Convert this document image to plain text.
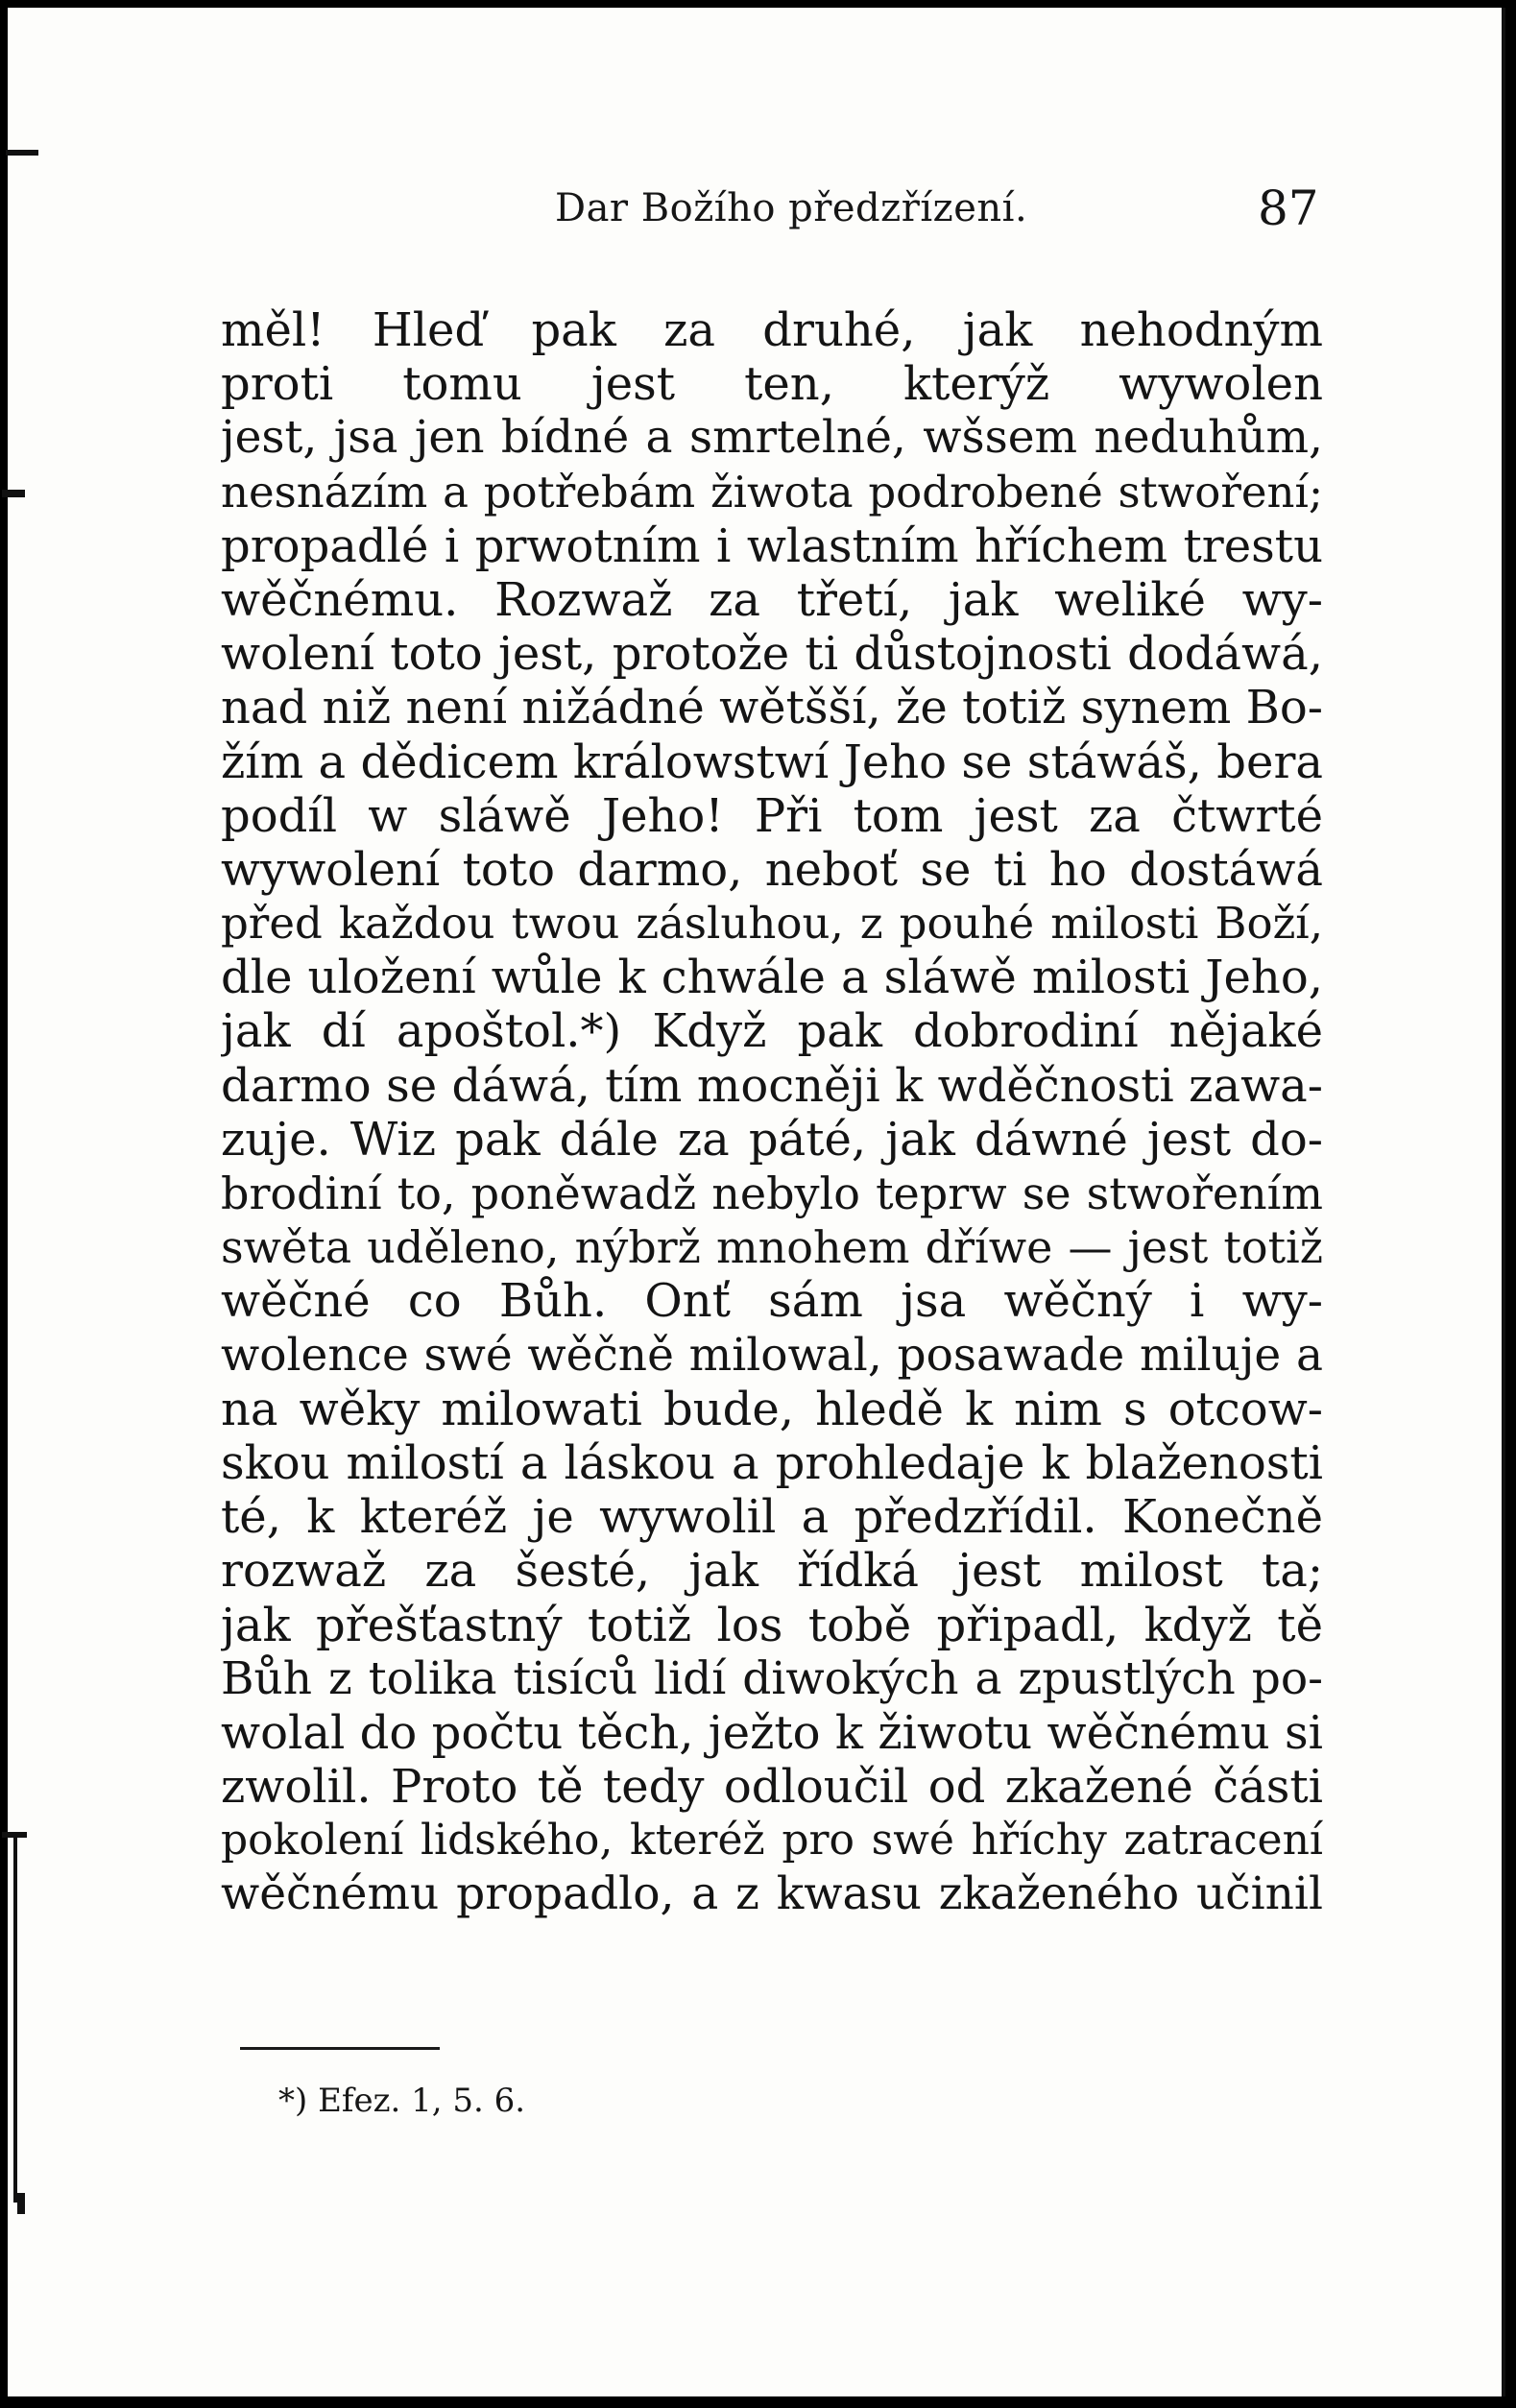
Dar Božího předzřízení.	87
měl! Hleď pak za druhé, jak nehodným
proti tomu jest ten, kterýž wywolen
jest, jsa jen bídné a smrtelné, wšsem neduhům,
nesnázím a potřebám žiwota podrobené stwoření;
propadlé i prwotním i wlastním hříchem trestu
wěčnému. Rozwaž za třetí, jak weliké wy-
wolení toto jest, protože ti důstojnosti dodáwá,
nad niž není nižádné wětšší, že totiž synem Bo-
žím a dědicem králowstwí Jeho se stáwáš, bera
podíl w sláwě Jeho! Při tom jest za čtwrté
wywolení toto darmo, neboť se ti ho dostáwá
před každou twou zásluhou, z pouhé milosti Boží,
dle uložení wůle k chwále a sláwě milosti Jeho,
jak dí apoštol.*) Když pak dobrodiní nějaké
darmo se dáwá, tím mocněji k wděčnosti zawa-
zuje. Wiz pak dále za páté, jak dáwné jest do-
brodiní to, poněwadž nebylo teprw se stwořením
swěta uděleno, nýbrž mnohem dříwe — jest totiž
wěčné co Bůh. Onť sám jsa wěčný i wy-
wolence swé wěčně milowal, posawade miluje a
na wěky milowati bude, hledě k nim s otcow-
skou milostí a láskou a prohledaje k blaženosti
té, k kteréž je wywolil a předzřídil. Konečně
rozwaž za šesté, jak řídká jest milost ta;
jak přešťastný totiž los tobě připadl, když tě
Bůh z tolika tisíců lidí diwokých a zpustlých po-
wolal do počtu těch, ježto k žiwotu wěčnému si
zwolil. Proto tě tedy odloučil od zkažené části
pokolení lidského, kteréž pro swé hříchy zatracení
wěčnému propadlo, a z kwasu zkaženého učinil
*) Efez. 1, 5. 6.
